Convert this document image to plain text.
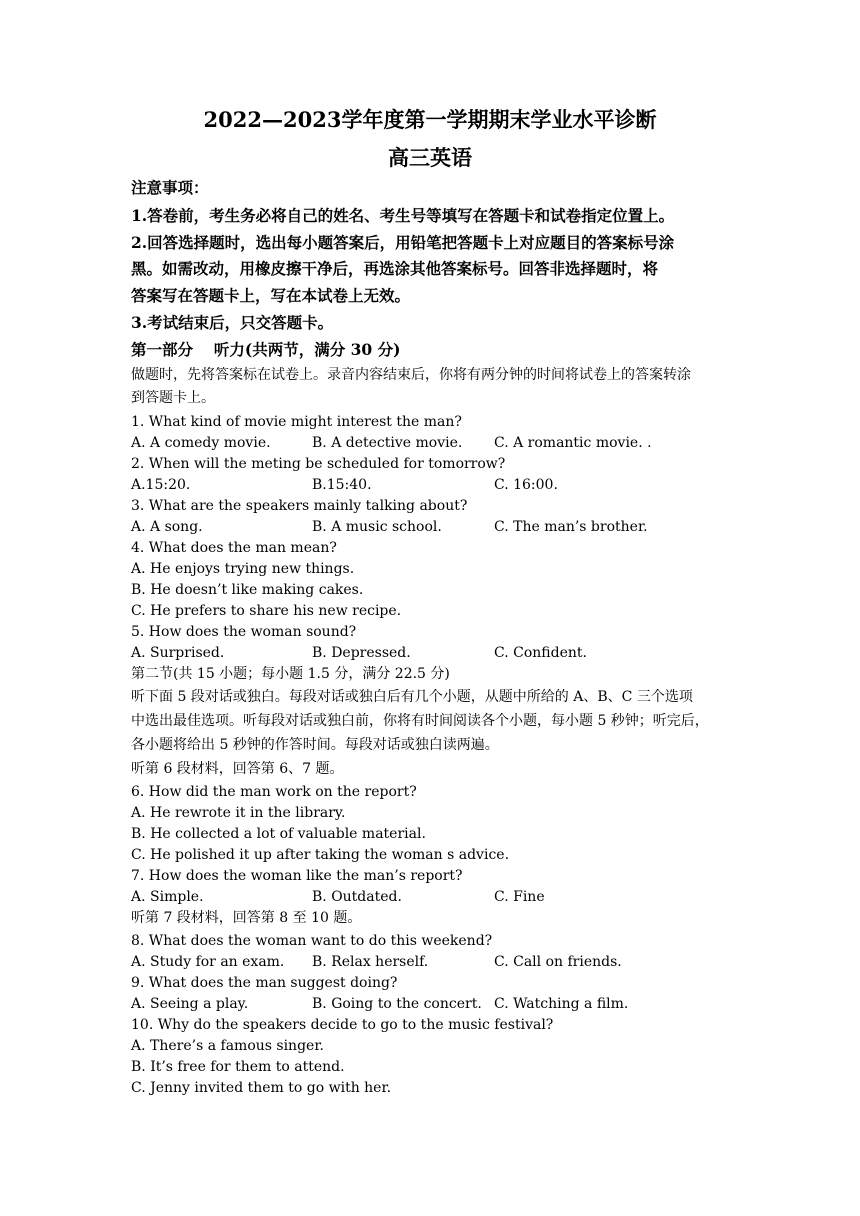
2022—2023学年度第一学期期末学业水平诊断
高三英语
注意事项：
1.答卷前，考生务必将自己的姓名、考生号等填写在答题卡和试卷指定位置上。
2.回答选择题时，选出每小题答案后，用铅笔把答题卡上对应题目的答案标号涂
黑。如需改动，用橡皮擦干净后，再选涂其他答案标号。回答非选择题时，将
答案写在答题卡上，写在本试卷上无效。
3.考试结束后，只交答题卡。
第一部分　 听力(共两节，满分 30 分)
做题时，先将答案标在试卷上。录音内容结束后，你将有两分钟的时间将试卷上的答案转涂
到答题卡上。
1. What kind of movie might interest the man?
A. A comedy movie.	B. A detective movie. C. A romantic movie. .
2. When will the meting be scheduled for tomorrow?
A.15:20.	B.15:40.	C. 16:00.
3. What are the speakers mainly talking about?
A. A song.	B. A music school.	C. The man’s brother.
4. What does the man mean?
A. He enjoys trying new things.
B. He doesn’t like making cakes.
C. He prefers to share his new recipe.
5. How does the woman sound?
A. Surprised.	B. Depressed.	C. Confident.
第二节(共 15 小题；每小题 1.5 分，满分 22.5 分)
听下面 5 段对话或独白。每段对话或独白后有几个小题，从题中所给的 A、B、C 三个选项
中选出最佳选项。听每段对话或独白前，你将有时间阅读各个小题，每小题 5 秒钟；听完后，
各小题将给出 5 秒钟的作答时间。每段对话或独白读两遍。
听第 6 段材料，回答第 6、7 题。
6. How did the man work on the report?
A. He rewrote it in the library.
B. He collected a lot of valuable material.
C. He polished it up after taking the woman s advice.
7. How does the woman like the man’s report?
A. Simple.	B. Outdated.	C. Fine
听第 7 段材料，回答第 8 至 10 题。
8. What does the woman want to do this weekend?
A. Study for an exam. B. Relax herself.	C. Call on friends.
9. What does the man suggest doing?
A. Seeing a play.	B. Going to the concert. C. Watching a film.
10. Why do the speakers decide to go to the music festival?
A. There’s a famous singer.
B. It’s free for them to attend.
C. Jenny invited them to go with her.
